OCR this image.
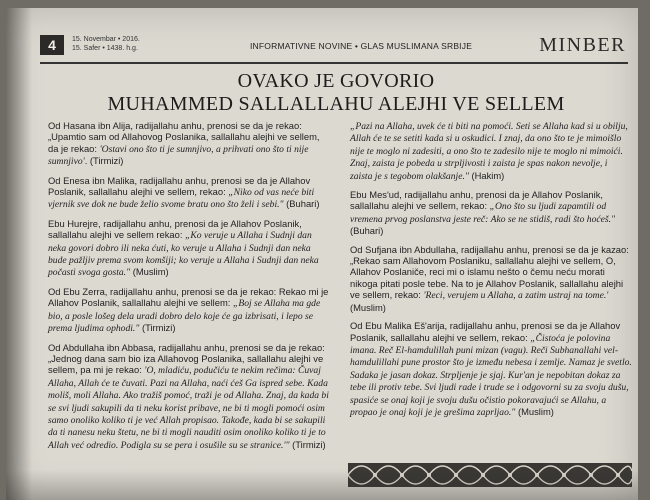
4	15. Novembar • 2016.
15. Safer • 1438. h.g.	INFORMATIVNE NOVINE • GLAS MUSLIMANA SRBIJE	MINBER
OVAKO JE GOVORIO
MUHAMMED SALLALLAHU ALEJHI VE SELLEM

Od Hasana ibn Alija, radijallahu anhu, prenosi se da je rekao: „Upamtio sam od Allahovog Poslanika, sallallahu alejhi ve sellem, da je rekao: 'Ostavi ono što ti je sumnjivo, a prihvati ono što ti nije sumnjivo'. (Tirmizi)

Od Enesa ibn Malika, radijallahu anhu, prenosi se da je Allahov Poslanik, sallallahu alejhi ve sellem, rekao: „Niko od vas neće biti vjernik sve dok ne bude želio svome bratu ono što želi i sebi." (Buhari)

Ebu Hurejre, radijallahu anhu, prenosi da je Allahov Poslanik, sallallahu alejhi ve sellem rekao: „Ko veruje u Allaha i Sudnji dan neka govori dobro ili neka ćuti, ko veruje u Allaha i Sudnji dan neka bude pažljiv prema svom komšiji; ko veruje u Allaha i Sudnji dan neka počasti svoga gosta." (Muslim)

Od Ebu Zerra, radijallahu anhu, prenosi se da je rekao: Rekao mi je Allahov Poslanik, sallallahu alejhi ve sellem: „Boj se Allaha ma gde bio, a posle lošeg dela uradi dobro delo koje će ga izbrisati, i lepo se prema ljudima ophodi." (Tirmizi)

Od Abdullaha ibn Abbasa, radijallahu anhu, prenosi se da je rekao: „Jednog dana sam bio iza Allahovog Poslanika, sallallahu alejhi ve sellem, pa mi je rekao: 'O, mladiću, podučiću te nekim rečima: Čuvaj Allaha, Allah će te čuvati. Pazi na Allaha, naći ćeš Ga ispred sebe. Kada moliš, moli Allaha. Ako tražiš pomoć, traži je od Allaha. Znaj, da kada bi se svi ljudi sakupili da ti neku korist pribave, ne bi ti mogli pomoći osim samo onoliko koliko ti je već Allah propisao. Takođe, kada bi se sakupili da ti nanesu neku štetu, ne bi ti mogli nauditi osim onoliko koliko ti je to Allah već odredio. Podigla su se pera i osušile su se stranice.'" (Tirmizi)

„Pazi na Allaha, uvek će ti biti na pomoći. Seti se Allaha kad si u obilju, Allah će te se setiti kada si u oskudici. I znaj, da ono što te je mimoišlo nije te moglo ni zadesiti, a ono što te zadesilo nije te moglo ni mimoići. Znaj, zaista je pobeda u strpljivosti i zaista je spas nakon nevolje, i zaista je s tegobom olakšanje." (Hakim)

Ebu Mes'ud, radijallahu anhu, prenosi da je Allahov Poslanik, sallallahu alejhi ve sellem, rekao: „Ono što su ljudi zapamtili od vremena prvog poslanstva jeste reč: Ako se ne stidiš, radi što hoćeš." (Buhari)

Od Sufjana ibn Abdullaha, radijallahu anhu, prenosi se da je kazao: „Rekao sam Allahovom Poslaniku, sallallahu alejhi ve sellem, O, Allahov Poslaniče, reci mi o islamu nešto o čemu neću morati nikoga pitati posle tebe. Na to je Allahov Poslanik, sallallahu alejhi ve sellem, rekao: 'Reci, verujem u Allaha, a zatim ustraj na tome.' (Muslim)

Od Ebu Malika Eš'arija, radijallahu anhu, prenosi se da je Allahov Poslanik, sallallahu alejhi ve sellem, rekao: „Čistoća je polovina imana. Reč El-hamdulillah puni mizan (vagu). Reči Subhanallahi vel-hamdulillahi pune prostor što je između nebesa i zemlje. Namaz je svetlo. Sadaka je jasan dokaz. Strpljenje je sjaj. Kur'an je nepobitan dokaz za tebe ili protiv tebe. Svi ljudi rade i trude se i odgovorni su za svoju dušu, spasiće se onaj koji je svoju dušu očistio pokoravajući se Allahu, a propao je onaj koji je je grešima zaprljao." (Muslim)
